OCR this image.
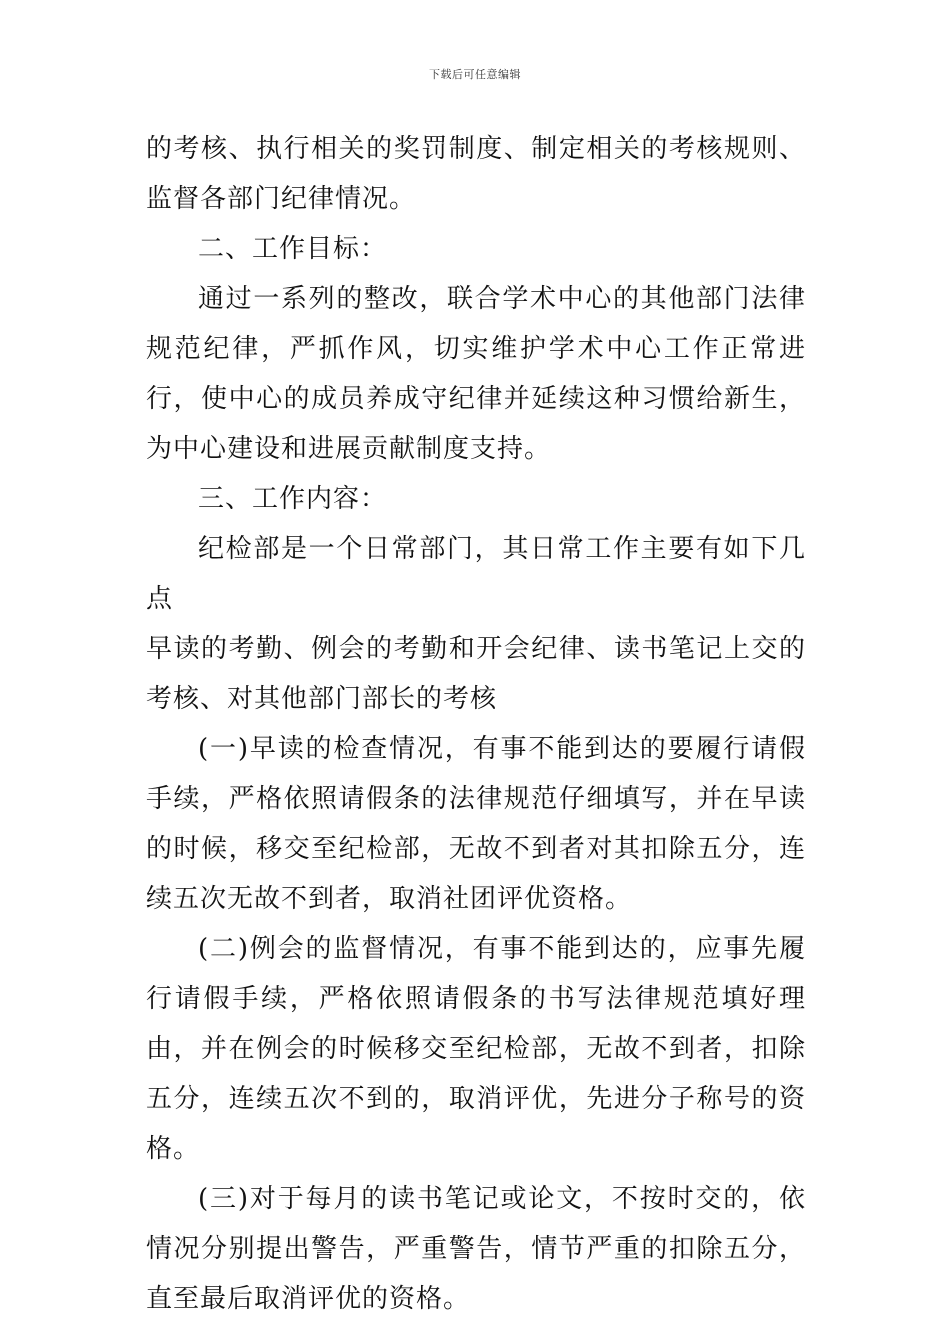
下载后可任意编辑

的考核、执行相关的奖罚制度、制定相关的考核规则、监督各部门纪律情况。

二、工作目标：

通过一系列的整改，联合学术中心的其他部门法律规范纪律，严抓作风，切实维护学术中心工作正常进行，使中心的成员养成守纪律并延续这种习惯给新生，为中心建设和进展贡献制度支持。

三、工作内容：

纪检部是一个日常部门，其日常工作主要有如下几点

早读的考勤、例会的考勤和开会纪律、读书笔记上交的考核、对其他部门部长的考核

(一)早读的检查情况，有事不能到达的要履行请假手续，严格依照请假条的法律规范仔细填写，并在早读的时候，移交至纪检部，无故不到者对其扣除五分，连续五次无故不到者，取消社团评优资格。

(二)例会的监督情况，有事不能到达的，应事先履行请假手续，严格依照请假条的书写法律规范填好理由，并在例会的时候移交至纪检部，无故不到者，扣除五分，连续五次不到的，取消评优，先进分子称号的资格。

(三)对于每月的读书笔记或论文，不按时交的，依情况分别提出警告，严重警告，情节严重的扣除五分，直至最后取消评优的资格。
